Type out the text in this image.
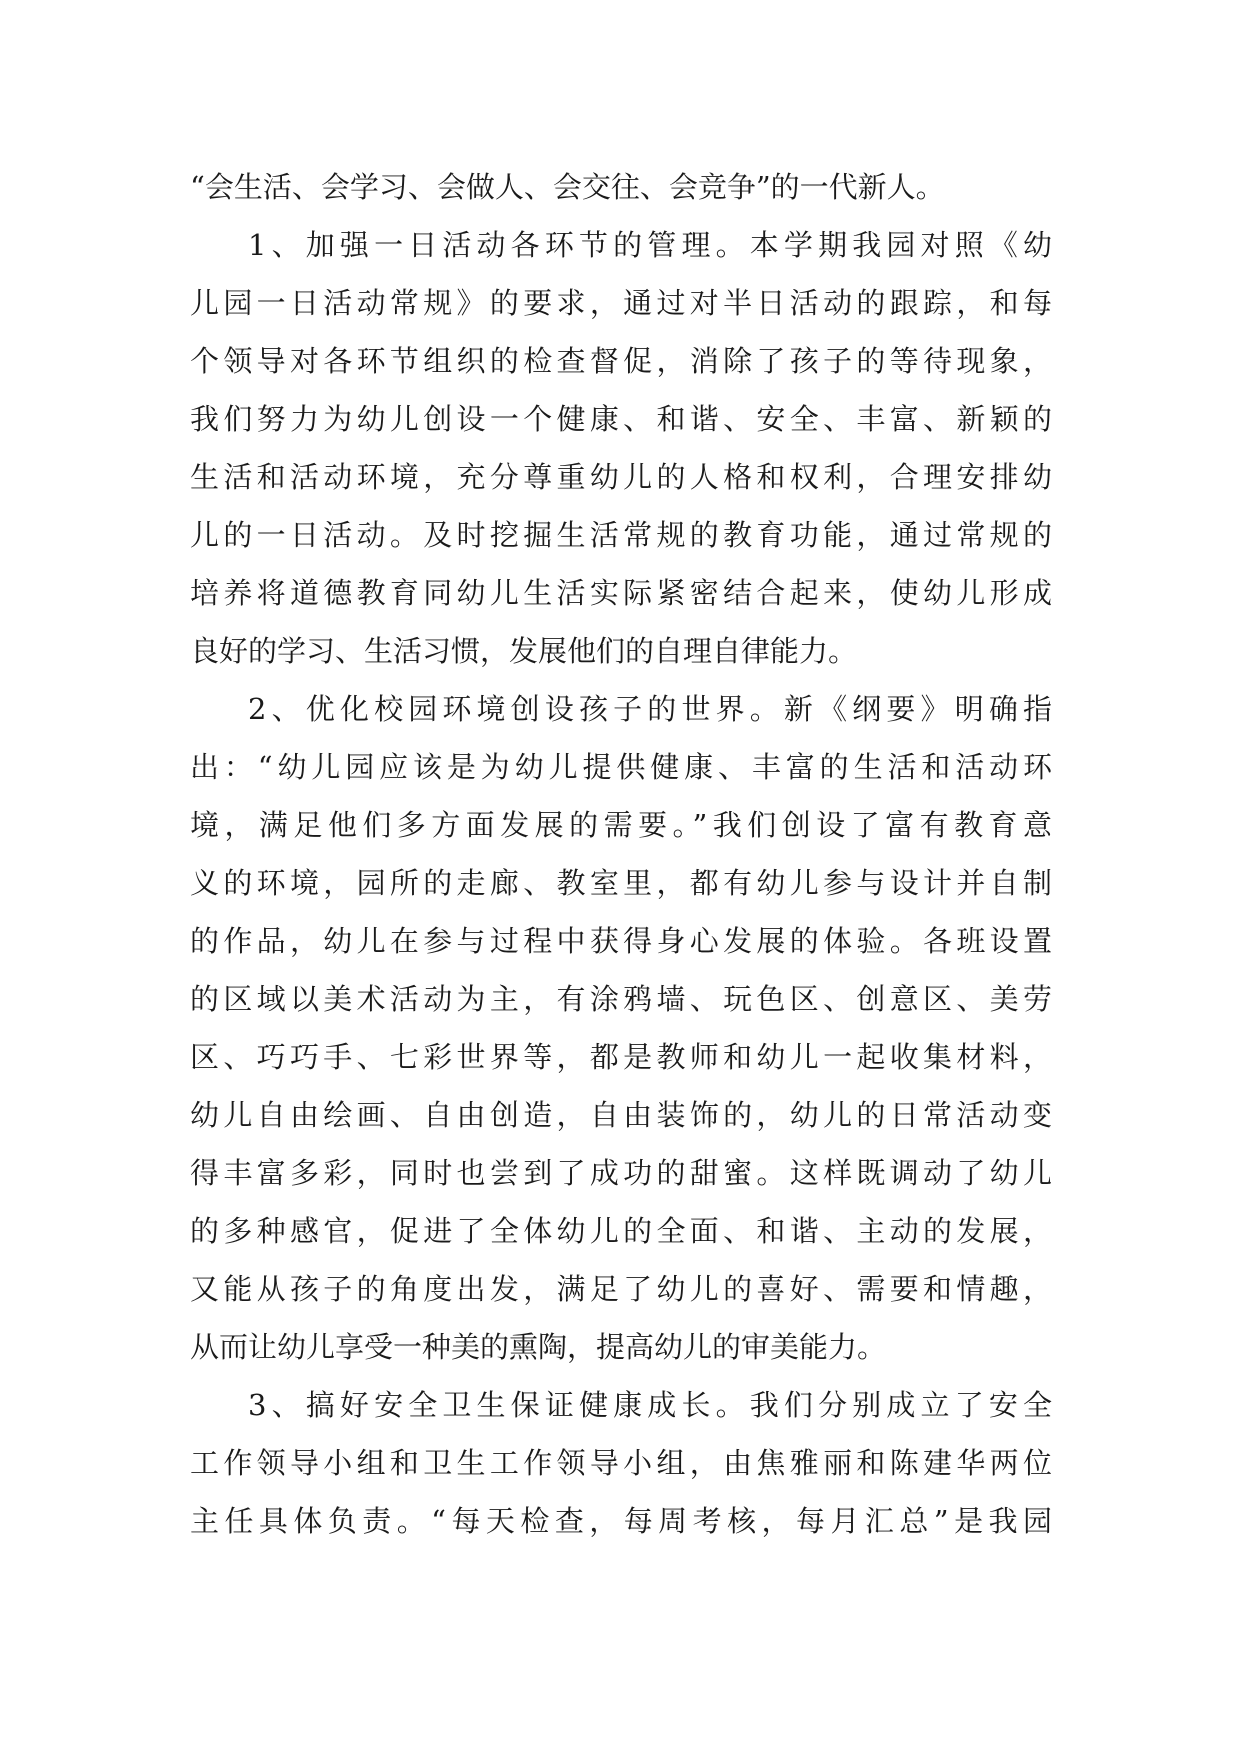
“会生活、会学习、会做人、会交往、会竞争”的一代新人。
1、加强一日活动各环节的管理。本学期我园对照《幼
儿园一日活动常规》的要求，通过对半日活动的跟踪，和每
个领导对各环节组织的检查督促，消除了孩子的等待现象，
我们努力为幼儿创设一个健康、和谐、安全、丰富、新颖的
生活和活动环境，充分尊重幼儿的人格和权利，合理安排幼
儿的一日活动。及时挖掘生活常规的教育功能，通过常规的
培养将道德教育同幼儿生活实际紧密结合起来，使幼儿形成
良好的学习、生活习惯，发展他们的自理自律能力。
2、优化校园环境创设孩子的世界。新《纲要》明确指
出：“幼儿园应该是为幼儿提供健康、丰富的生活和活动环
境，满足他们多方面发展的需要。”我们创设了富有教育意
义的环境，园所的走廊、教室里，都有幼儿参与设计并自制
的作品，幼儿在参与过程中获得身心发展的体验。各班设置
的区域以美术活动为主，有涂鸦墙、玩色区、创意区、美劳
区、巧巧手、七彩世界等，都是教师和幼儿一起收集材料，
幼儿自由绘画、自由创造，自由装饰的，幼儿的日常活动变
得丰富多彩，同时也尝到了成功的甜蜜。这样既调动了幼儿
的多种感官，促进了全体幼儿的全面、和谐、主动的发展，
又能从孩子的角度出发，满足了幼儿的喜好、需要和情趣，
从而让幼儿享受一种美的熏陶，提高幼儿的审美能力。
3、搞好安全卫生保证健康成长。我们分别成立了安全
工作领导小组和卫生工作领导小组，由焦雅丽和陈建华两位
主任具体负责。“每天检查，每周考核，每月汇总”是我园
